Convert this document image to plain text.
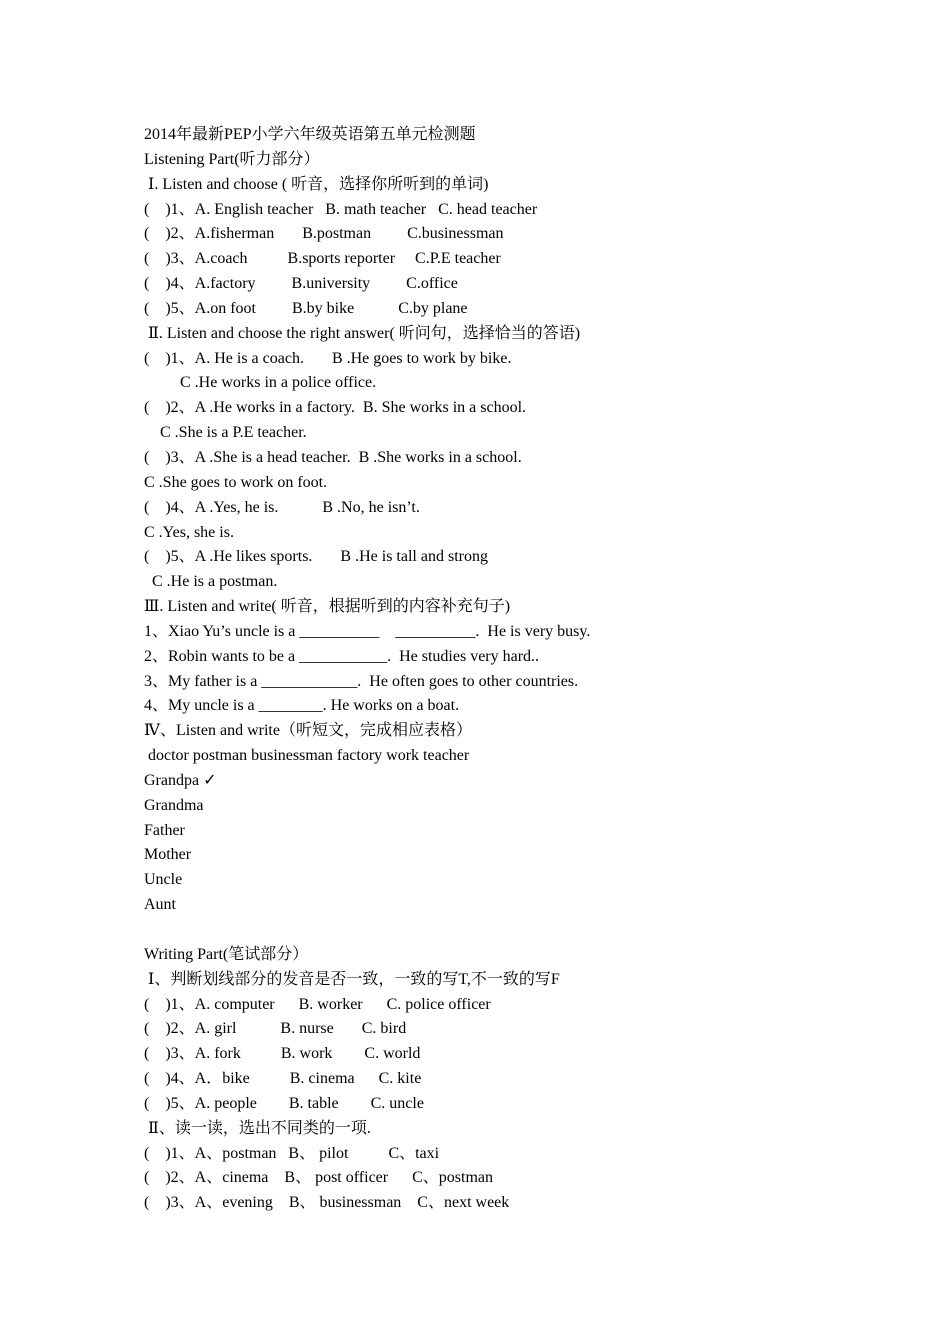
2014年最新PEP小学六年级英语第五单元检测题
Listening Part(听力部分）
Ⅰ. Listen and choose ( 听音，选择你所听到的单词)
(    )1、A. English teacher   B. math teacher   C. head teacher
(    )2、A.fisherman       B.postman         C.businessman
(    )3、A.coach          B.sports reporter     C.P.E teacher
(    )4、A.factory         B.university         C.office
(    )5、A.on foot         B.by bike           C.by plane
Ⅱ. Listen and choose the right answer( 听问句，选择恰当的答语)
(    )1、A. He is a coach.       B .He goes to work by bike.
C .He works in a police office.
(    )2、A .He works in a factory.  B. She works in a school.
C .She is a P.E teacher.
(    )3、A .She is a head teacher.  B .She works in a school.
C .She goes to work on foot.
(    )4、A .Yes, he is.           B .No, he isn’t.
C .Yes, she is.
(    )5、A .He likes sports.       B .He is tall and strong
C .He is a postman.
Ⅲ. Listen and write( 听音，根据听到的内容补充句子)
1、Xiao Yu’s uncle is a __________    __________.  He is very busy.
2、Robin wants to be a ___________.  He studies very hard..
3、My father is a ____________.  He often goes to other countries.
4、My uncle is a ________. He works on a boat.
Ⅳ、Listen and write（听短文，完成相应表格）
doctor postman businessman factory work teacher
Grandpa ✓
Grandma
Father
Mother
Uncle
Aunt
Writing Part(笔试部分）
Ⅰ、判断划线部分的发音是否一致，一致的写T,不一致的写F
(    )1、A. computer      B. worker      C. police officer
(    )2、A. girl           B. nurse       C. bird
(    )3、A. fork          B. work        C. world
(    )4、A．bike          B. cinema      C. kite
(    )5、A. people        B. table        C. uncle
Ⅱ、读一读，选出不同类的一项.
(    )1、A、postman   B、 pilot          C、taxi
(    )2、A、cinema    B、 post officer      C、postman
(    )3、A、evening    B、 businessman    C、next week
